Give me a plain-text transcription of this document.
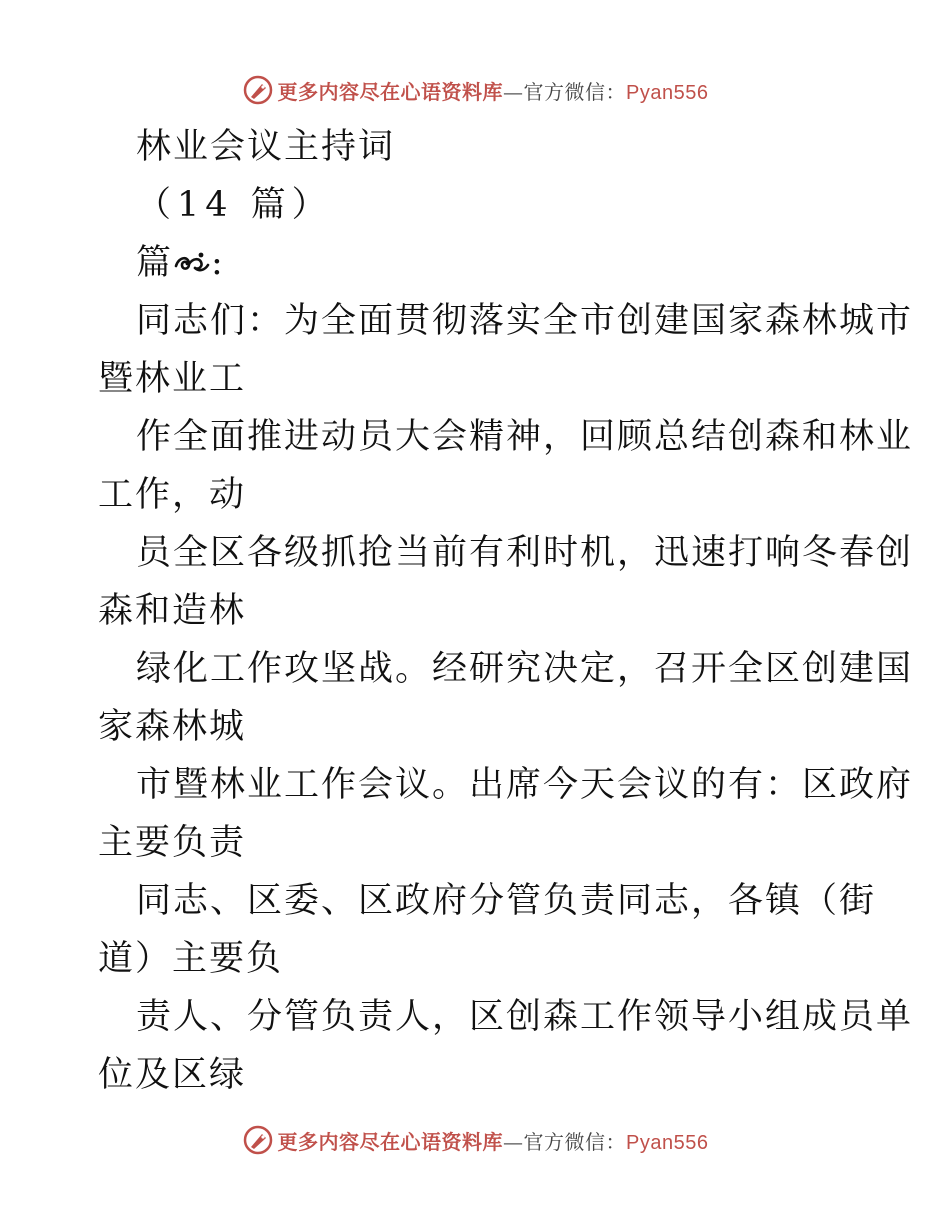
更多内容尽在心语资料库—官方微信：Pyan556
林业会议主持词
（14 篇）
篇 :
同志们：为全面贯彻落实全市创建国家森林城市
暨林业工
作全面推进动员大会精神，回顾总结创森和林业
工作，动
员全区各级抓抢当前有利时机，迅速打响冬春创
森和造林
绿化工作攻坚战。经研究决定，召开全区创建国
家森林城
市暨林业工作会议。出席今天会议的有：区政府
主要负责
同志、区委、区政府分管负责同志，各镇（街
道）主要负
责人、分管负责人，区创森工作领导小组成员单
位及区绿
更多内容尽在心语资料库—官方微信：Pyan556
